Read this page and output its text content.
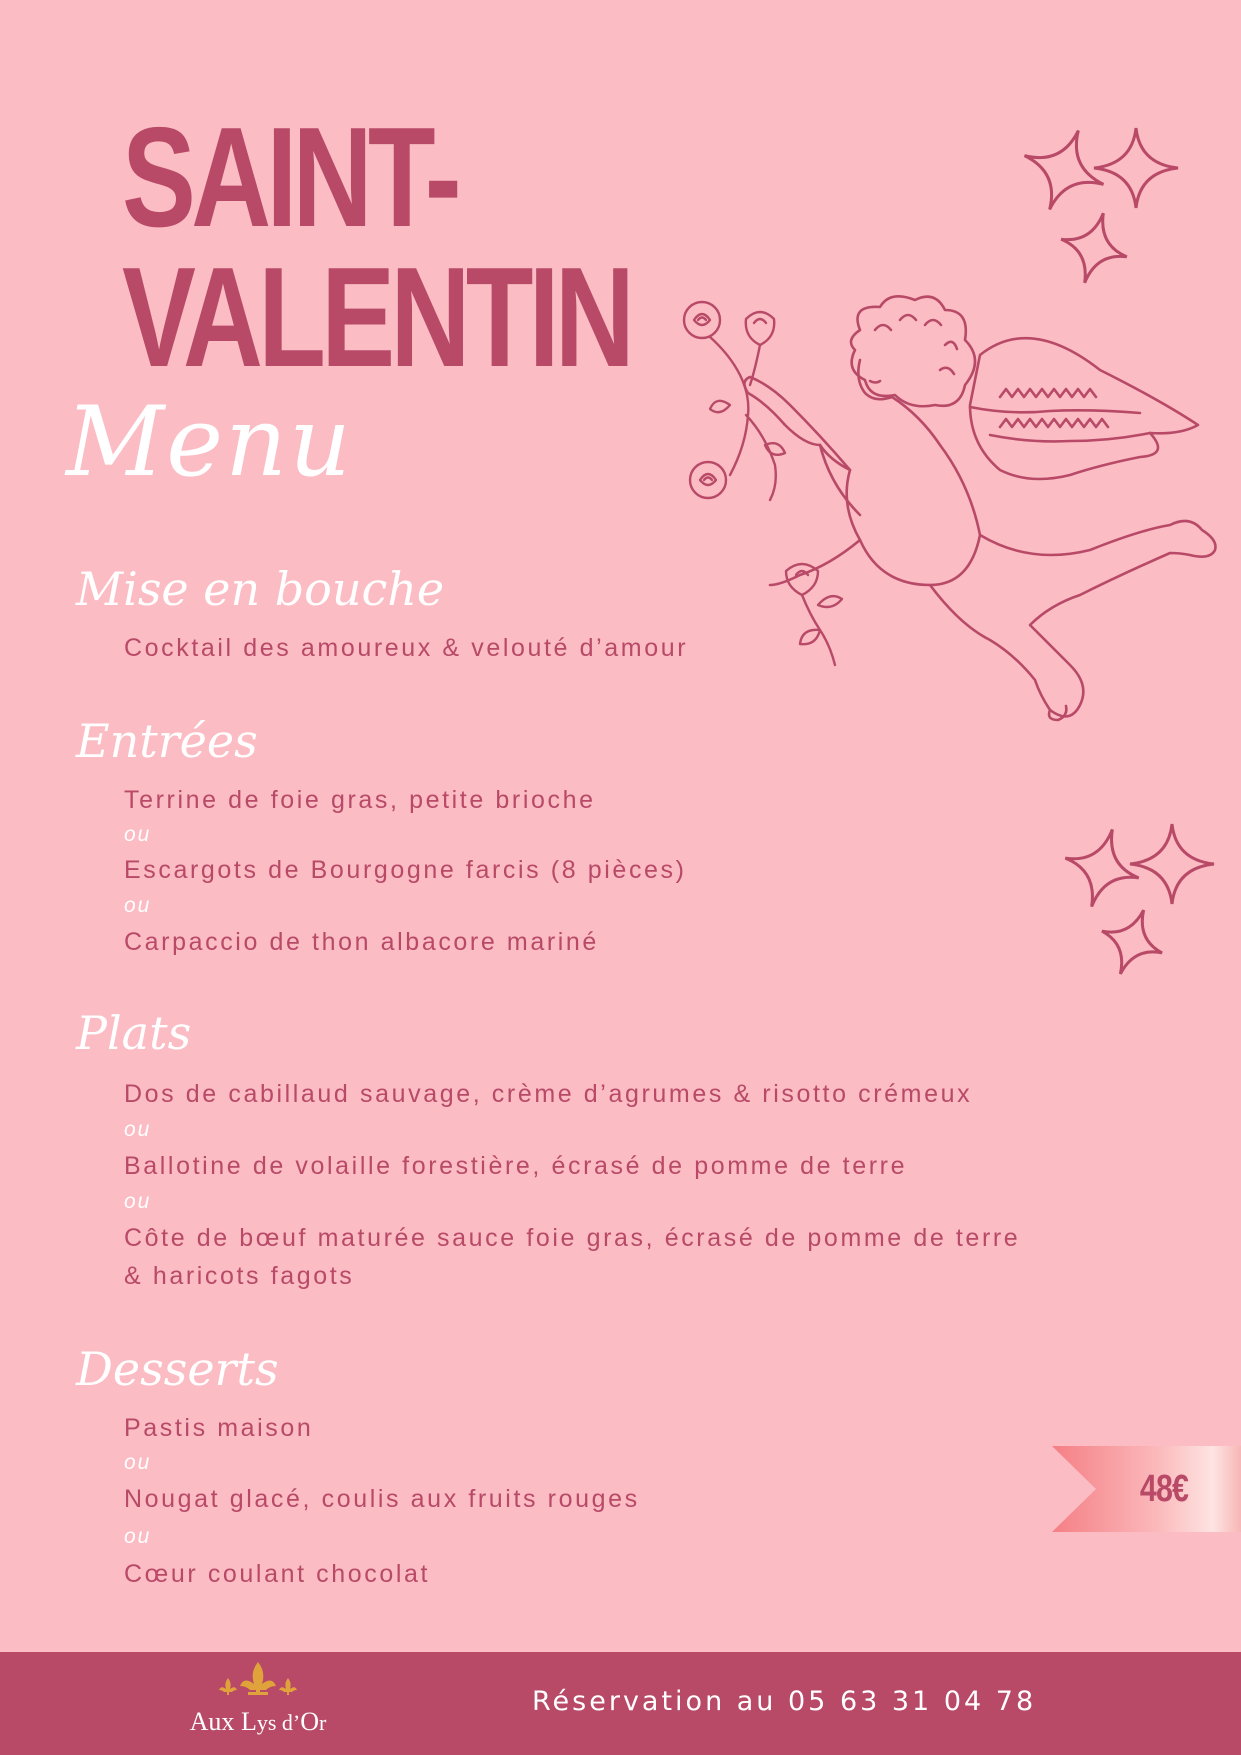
SAINT-
VALENTIN
Menu
Mise en bouche

Cocktail des amoureux & velouté d’amour

Entrées

Terrine de foie gras, petite brioche

ou

Escargots de Bourgogne farcis (8 pièces)

ou

Carpaccio de thon albacore mariné

Plats

Dos de cabillaud sauvage, crème d’agrumes & risotto crémeux

ou

Ballotine de volaille forestière, écrasé de pomme de terre

ou

Côte de bœuf maturée sauce foie gras, écrasé de pomme de terre

& haricots fagots

Desserts

Pastis maison

ou

Nougat glacé, coulis aux fruits rouges

ou

Cœur coulant chocolat

48€
Aux Lys d’Or
Réservation au 05 63 31 04 78
